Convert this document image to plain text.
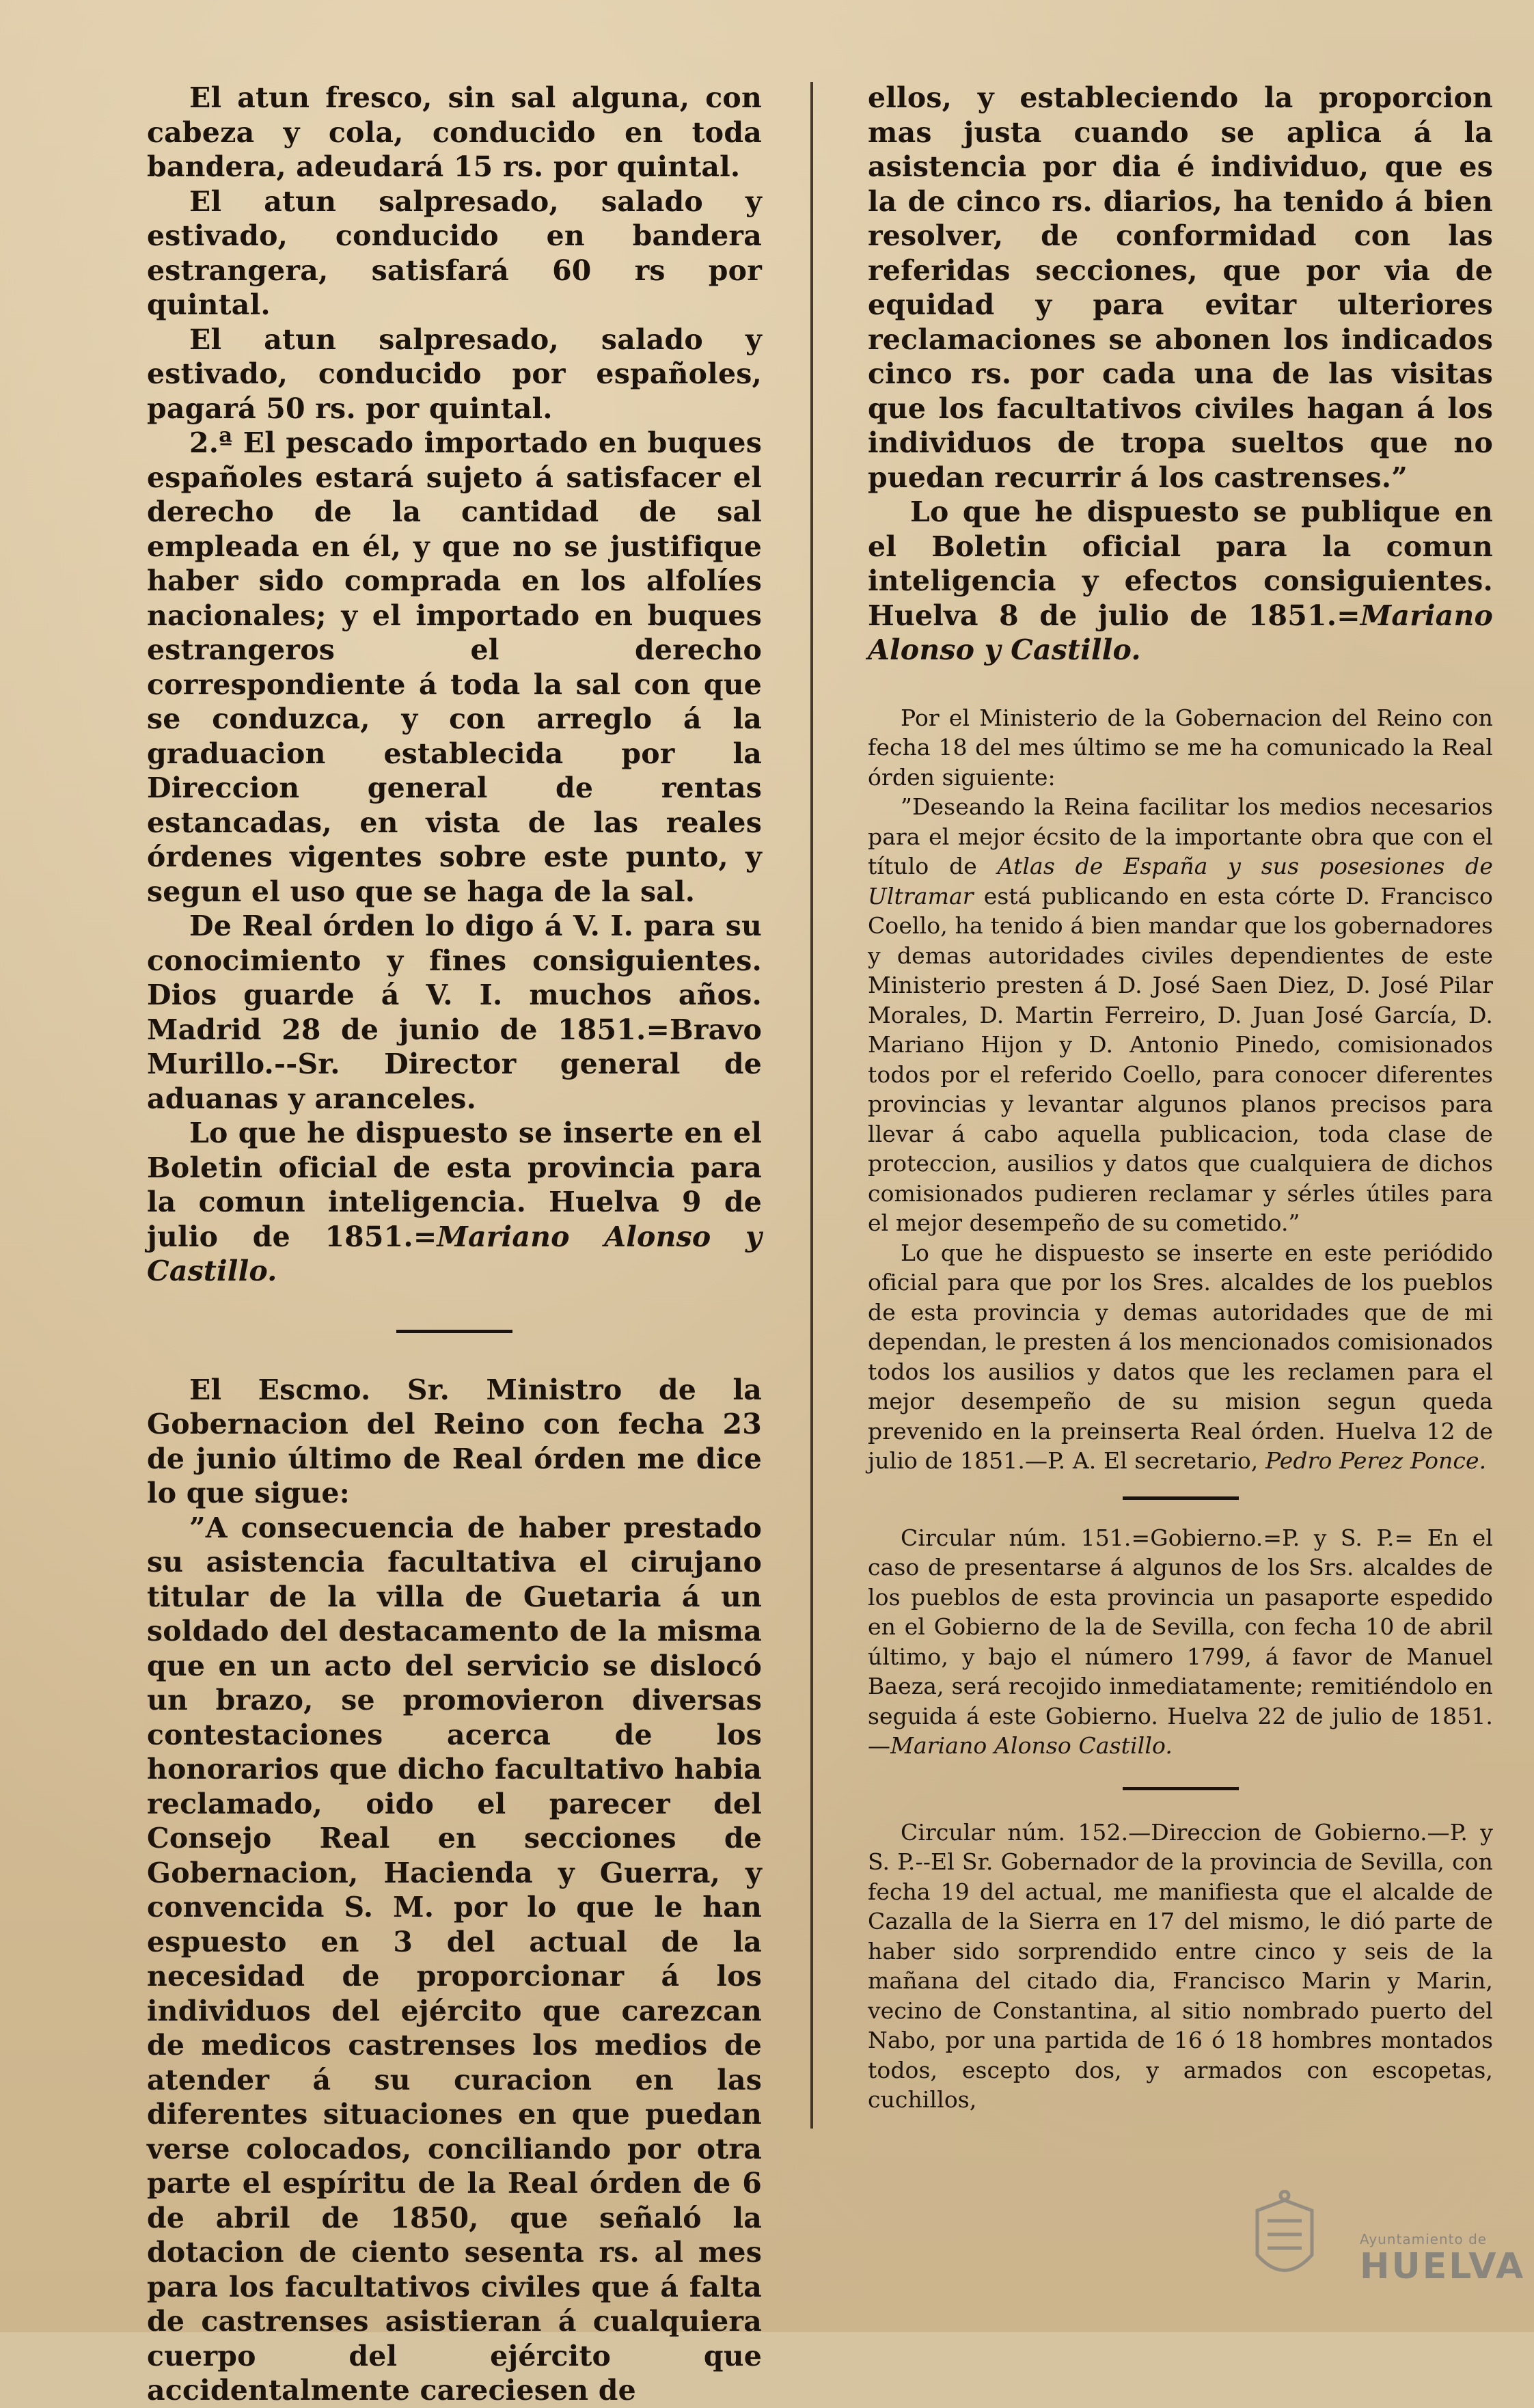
El atun fresco, sin sal alguna, con cabeza y cola, conducido en toda bandera, adeudará 15 rs. por quintal.

El atun salpresado, salado y estivado, conducido en bandera estrangera, satisfará 60 rs por quintal.

El atun salpresado, salado y estivado, conducido por españoles, pagará 50 rs. por quintal.

2.ª El pescado importado en buques españoles estará sujeto á satisfacer el derecho de la cantidad de sal empleada en él, y que no se justifique haber sido comprada en los alfolíes nacionales; y el importado en buques estrangeros el derecho correspondiente á toda la sal con que se conduzca, y con arreglo á la graduacion establecida por la Direccion general de rentas estancadas, en vista de las reales órdenes vigentes sobre este punto, y segun el uso que se haga de la sal.

De Real órden lo digo á V. I. para su conocimiento y fines consiguientes. Dios guarde á V. I. muchos años. Madrid 28 de junio de 1851.=Bravo Murillo.--Sr. Director general de aduanas y aranceles.

Lo que he dispuesto se inserte en el Boletin oficial de esta provincia para la comun inteligencia. Huelva 9 de julio de 1851.=Mariano Alonso y Castillo.

El Escmo. Sr. Ministro de la Gobernacion del Reino con fecha 23 de junio último de Real órden me dice lo que sigue:

”A consecuencia de haber prestado su asistencia facultativa el cirujano titular de la villa de Guetaria á un soldado del destacamento de la misma que en un acto del servicio se dislocó un brazo, se promovieron diversas contestaciones acerca de los honorarios que dicho facultativo habia reclamado, oido el parecer del Consejo Real en secciones de Gobernacion, Hacienda y Guerra, y convencida S. M. por lo que le han espuesto en 3 del actual de la necesidad de proporcionar á los individuos del ejército que carezcan de medicos castrenses los medios de atender á su curacion en las diferentes situaciones en que puedan verse colocados, conciliando por otra parte el espíritu de la Real órden de 6 de abril de 1850, que señaló la dotacion de ciento sesenta rs. al mes para los facultativos civiles que á falta de castrenses asistieran á cualquiera cuerpo del ejército que accidentalmente careciesen de

ellos, y estableciendo la proporcion mas justa cuando se aplica á la asistencia por dia é individuo, que es la de cinco rs. diarios, ha tenido á bien resolver, de conformidad con las referidas secciones, que por via de equidad y para evitar ulteriores reclamaciones se abonen los indicados cinco rs. por cada una de las visitas que los facultativos civiles hagan á los individuos de tropa sueltos que no puedan recurrir á los castrenses.”

Lo que he dispuesto se publique en el Boletin oficial para la comun inteligencia y efectos consiguientes. Huelva 8 de julio de 1851.=Mariano Alonso y Castillo.

Por el Ministerio de la Gobernacion del Reino con fecha 18 del mes último se me ha comunicado la Real órden siguiente:

”Deseando la Reina facilitar los medios necesarios para el mejor écsito de la importante obra que con el título de Atlas de España y sus posesiones de Ultramar está publicando en esta córte D. Francisco Coello, ha tenido á bien mandar que los gobernadores y demas autoridades civiles dependientes de este Ministerio presten á D. José Saen Diez, D. José Pilar Morales, D. Martin Ferreiro, D. Juan José García, D. Mariano Hijon y D. Antonio Pinedo, comisionados todos por el referido Coello, para conocer diferentes provincias y levantar algunos planos precisos para llevar á cabo aquella publicacion, toda clase de proteccion, ausilios y datos que cualquiera de dichos comisionados pudieren reclamar y sérles útiles para el mejor desempeño de su cometido.”

Lo que he dispuesto se inserte en este periódido oficial para que por los Sres. alcaldes de los pueblos de esta provincia y demas autoridades que de mi dependan, le presten á los mencionados comisionados todos los ausilios y datos que les reclamen para el mejor desempeño de su mision segun queda prevenido en la preinserta Real órden. Huelva 12 de julio de 1851.—P. A. El secretario, Pedro Perez Ponce.

Circular núm. 151.=Gobierno.=P. y S. P.= En el caso de presentarse á algunos de los Srs. alcaldes de los pueblos de esta provincia un pasaporte espedido en el Gobierno de la de Sevilla, con fecha 10 de abril último, y bajo el número 1799, á favor de Manuel Baeza, será recojido inmediatamente; remitiéndolo en seguida á este Gobierno. Huelva 22 de julio de 1851.—Mariano Alonso Castillo.

Circular núm. 152.—Direccion de Gobierno.—P. y S. P.--El Sr. Gobernador de la provincia de Sevilla, con fecha 19 del actual, me manifiesta que el alcalde de Cazalla de la Sierra en 17 del mismo, le dió parte de haber sido sorprendido entre cinco y seis de la mañana del citado dia, Francisco Marin y Marin, vecino de Constantina, al sitio nombrado puerto del Nabo, por una partida de 16 ó 18 hombres montados todos, escepto dos, y armados con escopetas, cuchillos,

Ayuntamiento de
HUELVA
